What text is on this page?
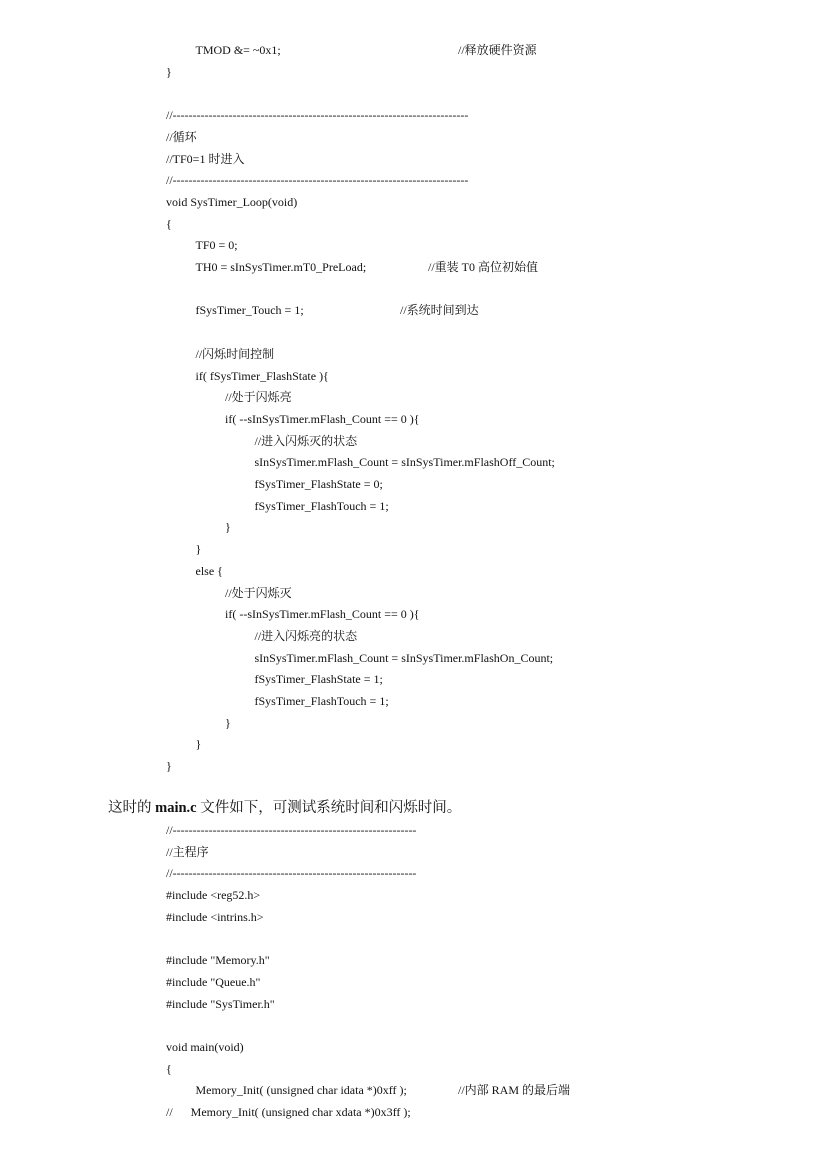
TMOD &= ~0x1;	//释放硬件资源
}
//--------------------------------------------------------------------------
//循环
//TF0=1 时进入
//--------------------------------------------------------------------------
void SysTimer_Loop(void)
{
TF0 = 0;
TH0 = sInSysTimer.mT0_PreLoad;	//重装 T0 高位初始值
fSysTimer_Touch = 1;	//系统时间到达
//闪烁时间控制
if( fSysTimer_FlashState ){
//处于闪烁亮
if( --sInSysTimer.mFlash_Count == 0 ){
//进入闪烁灭的状态
sInSysTimer.mFlash_Count = sInSysTimer.mFlashOff_Count;
fSysTimer_FlashState = 0;
fSysTimer_FlashTouch = 1;
}
}
else {
//处于闪烁灭
if( --sInSysTimer.mFlash_Count == 0 ){
//进入闪烁亮的状态
sInSysTimer.mFlash_Count = sInSysTimer.mFlashOn_Count;
fSysTimer_FlashState = 1;
fSysTimer_FlashTouch = 1;
}
}
}
这时的 main.c 文件如下，可测试系统时间和闪烁时间。
//-------------------------------------------------------------
//主程序
//-------------------------------------------------------------
#include <reg52.h>
#include <intrins.h>
#include "Memory.h"
#include "Queue.h"
#include "SysTimer.h"
void main(void)
{
Memory_Init( (unsigned char idata *)0xff );	//内部 RAM 的最后端
//      Memory_Init( (unsigned char xdata *)0x3ff );
